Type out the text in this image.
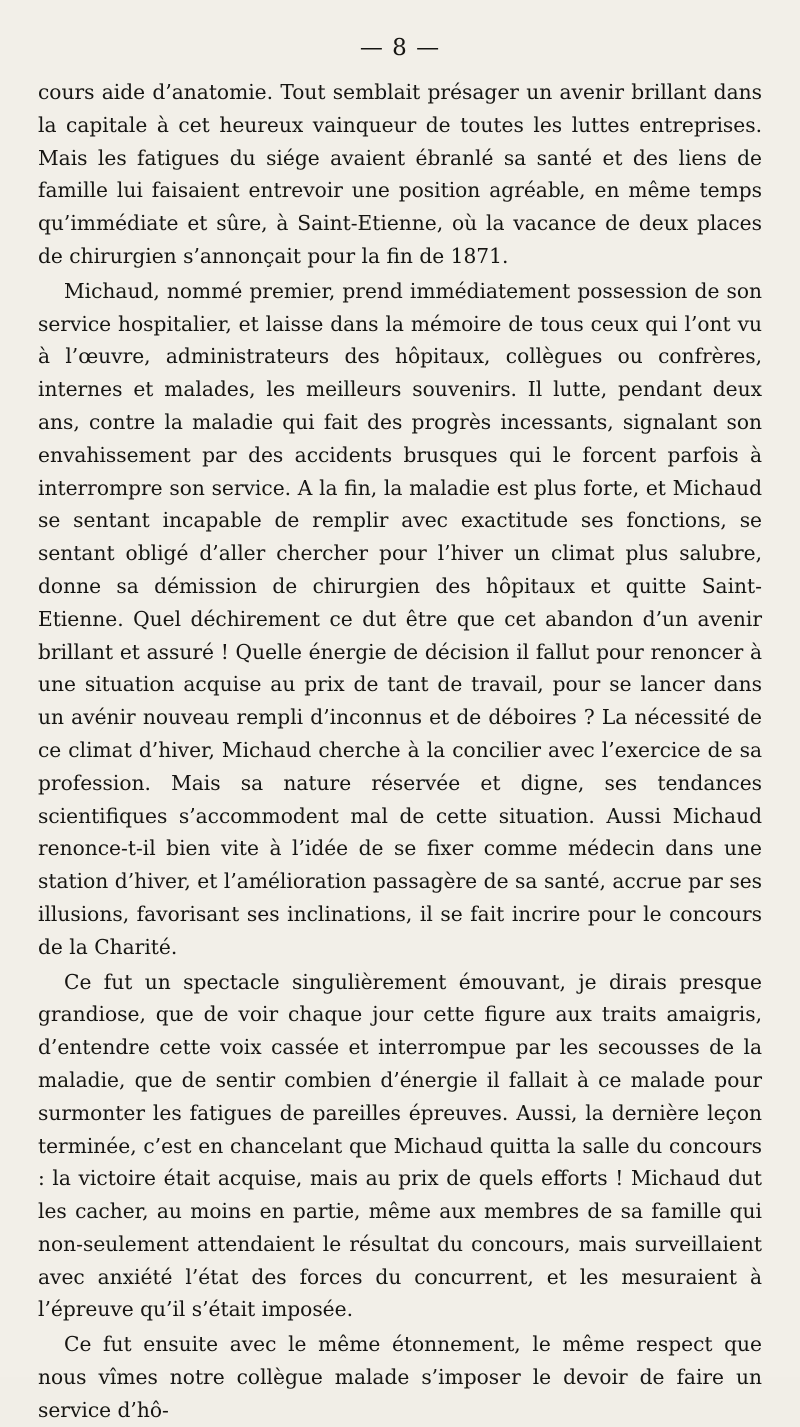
— 8 —

cours aide d’anatomie. Tout semblait présager un avenir brillant dans la capitale à cet heureux vainqueur de toutes les luttes entreprises. Mais les fatigues du siége avaient ébranlé sa santé et des liens de famille lui faisaient entrevoir une position agréable, en même temps qu’immédiate et sûre, à Saint-Etienne, où la vacance de deux places de chirurgien s’annonçait pour la fin de 1871.

Michaud, nommé premier, prend immédiatement possession de son service hospitalier, et laisse dans la mémoire de tous ceux qui l’ont vu à l’œuvre, administrateurs des hôpitaux, collègues ou confrères, internes et malades, les meilleurs souvenirs. Il lutte, pendant deux ans, contre la maladie qui fait des progrès incessants, signalant son envahissement par des accidents brusques qui le forcent parfois à interrompre son service. A la fin, la maladie est plus forte, et Michaud se sentant incapable de remplir avec exactitude ses fonctions, se sentant obligé d’aller chercher pour l’hiver un climat plus salubre, donne sa démission de chirurgien des hôpitaux et quitte Saint-Etienne. Quel déchirement ce dut être que cet abandon d’un avenir brillant et assuré ! Quelle énergie de décision il fallut pour renoncer à une situation acquise au prix de tant de travail, pour se lancer dans un avénir nouveau rempli d’inconnus et de déboires ? La nécessité de ce climat d’hiver, Michaud cherche à la concilier avec l’exercice de sa profession. Mais sa nature réservée et digne, ses tendances scientifiques s’accommodent mal de cette situation. Aussi Michaud renonce-t-il bien vite à l’idée de se fixer comme médecin dans une station d’hiver, et l’amélioration passagère de sa santé, accrue par ses illusions, favorisant ses inclinations, il se fait incrire pour le concours de la Charité.

Ce fut un spectacle singulièrement émouvant, je dirais presque grandiose, que de voir chaque jour cette figure aux traits amaigris, d’entendre cette voix cassée et interrompue par les secousses de la maladie, que de sentir combien d’énergie il fallait à ce malade pour surmonter les fatigues de pareilles épreuves. Aussi, la dernière leçon terminée, c’est en chancelant que Michaud quitta la salle du concours : la victoire était acquise, mais au prix de quels efforts ! Michaud dut les cacher, au moins en partie, même aux membres de sa famille qui non-seulement attendaient le résultat du concours, mais surveillaient avec anxiété l’état des forces du concurrent, et les mesuraient à l’épreuve qu’il s’était imposée.

Ce fut ensuite avec le même étonnement, le même respect que nous vîmes notre collègue malade s’imposer le devoir de faire un service d’hô-
